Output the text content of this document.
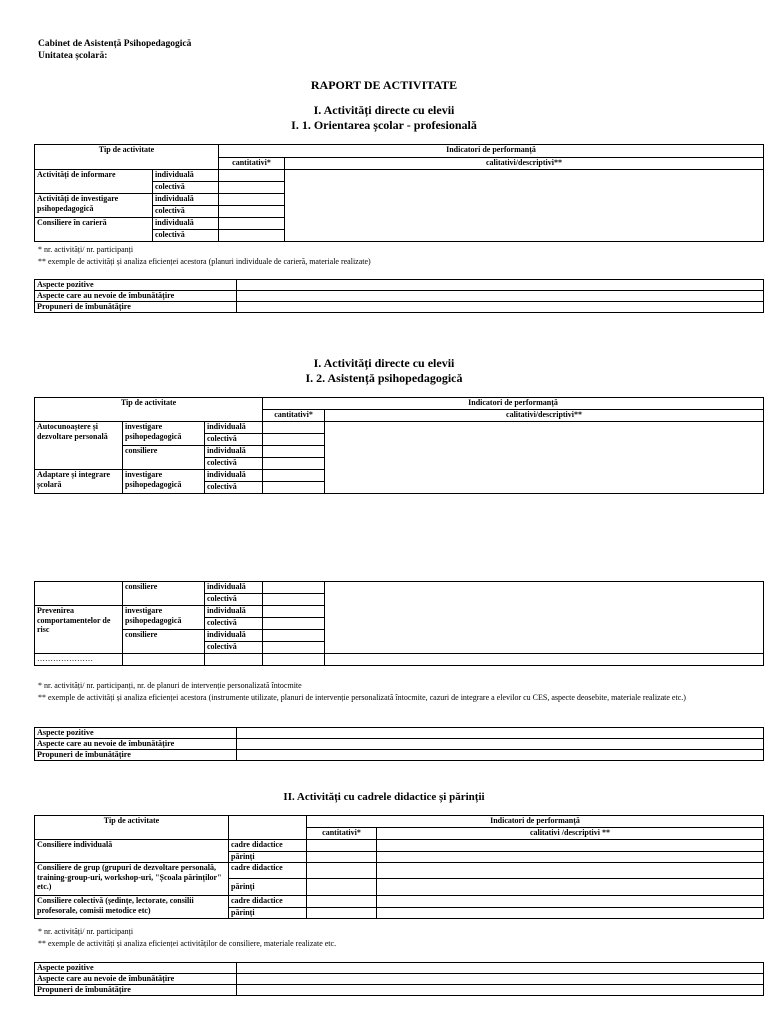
Cabinet de Asistență Psihopedagogică
Unitatea școlară:
RAPORT DE ACTIVITATE
I. Activități directe cu elevii
I. 1. Orientarea școlar - profesională
Tip de activitate		Indicatori de performanță	
		cantitativi*	calitativi/descriptivi**
Activități de informare	individuală		
	colectivă		
Activități de investigare psihopedagogică	individuală		
	colectivă		
Consiliere în carieră	individuală		
	colectivă		
* nr. activități/ nr. participanți
** exemple de activități și analiza eficienței acestora (planuri individuale de carieră, materiale realizate)
Aspecte pozitive	
Aspecte care au nevoie de îmbunătățire	
Propuneri de îmbunătățire	
I. Activități directe cu elevii
I. 2. Asistență psihopedagogică
Tip de activitate			Indicatori de performanță	
			cantitativi*	calitativi/descriptivi**
Autocunoaștere și dezvoltare personală	investigare psihopedagogică	individuală		
		colectivă		
	consiliere	individuală		
		colectivă		
Adaptare și integrare școlară	investigare psihopedagogică	individuală		
		colectivă		
	consiliere	individuală		
		colectivă		
Prevenirea comportamentelor de risc	investigare psihopedagogică	individuală		
		colectivă		
	consiliere	individuală		
		colectivă		
…………………				
* nr. activități/ nr. participanți, nr. de planuri de intervenție personalizată întocmite
** exemple de activități și analiza eficienței acestora (instrumente utilizate, planuri de intervenție personalizată întocmite, cazuri de integrare a elevilor cu CES, aspecte deosebite, materiale realizate etc.)
Aspecte pozitive	
Aspecte care au nevoie de îmbunătățire	
Propuneri de îmbunătățire	
II. Activități cu cadrele didactice și părinții
Tip de activitate		Indicatori de performanță	
		cantitativi*	calitativi /descriptivi **
Consiliere individuală	cadre didactice		
	părinți		
Consiliere de grup (grupuri de dezvoltare personală, training-group-uri, workshop-uri, "Școala părinților" etc.)	cadre didactice		
	părinți		
Consiliere colectivă (ședințe, lectorate, consilii profesorale, comisii metodice etc)	cadre didactice		
	părinți		
* nr. activități/ nr. participanți
** exemple de activități și analiza eficienței activităților de consiliere, materiale realizate etc.
Aspecte pozitive	
Aspecte care au nevoie de îmbunătățire	
Propuneri de îmbunătățire	
